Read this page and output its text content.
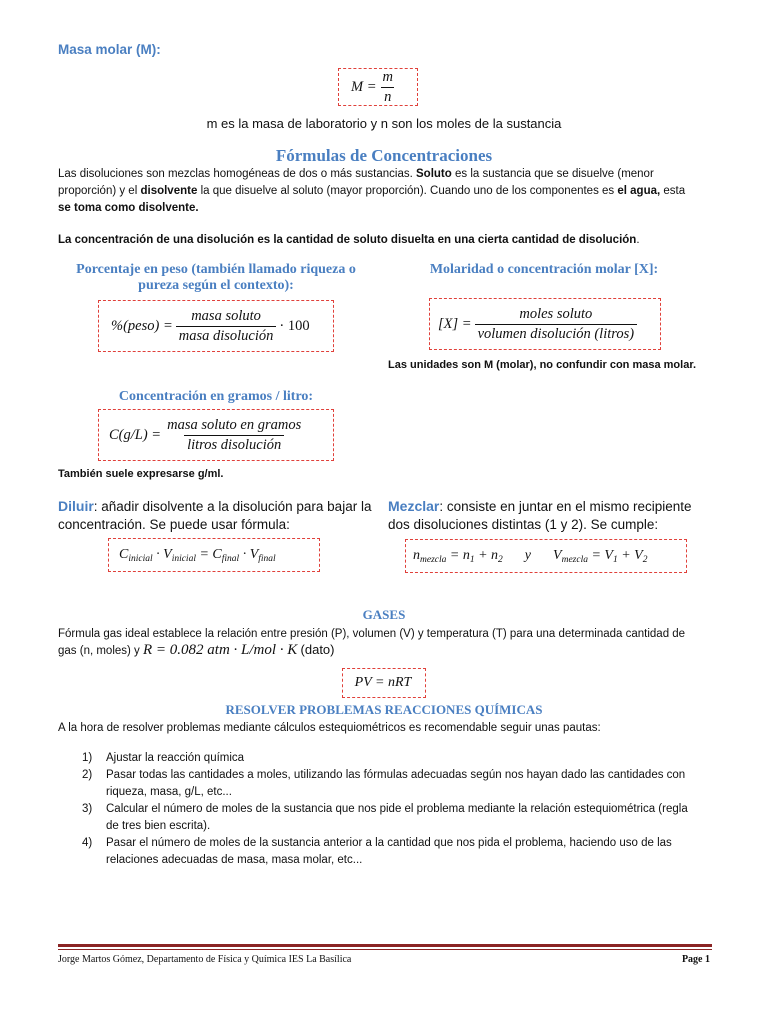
Masa molar (M):
$M = \frac{m}{n}$
m es la masa de laboratorio y n son los moles de la sustancia
Fórmulas de Concentraciones
Las disoluciones son mezclas homogéneas de dos o más sustancias. Soluto es la sustancia que se disuelve (menor
proporción) y el disolvente la que disuelve al soluto (mayor proporción). Cuando uno de los componentes es el agua, esta
se toma como disolvente.
La concentración de una disolución es la cantidad de soluto disuelta en una cierta cantidad de disolución.
Porcentaje en peso (también llamado riqueza o
pureza según el contexto):
%(peso) = $\frac{\text{masa soluto}}{\text{masa disolución}} \cdot 100$
Molaridad o concentración molar [X]:
$[X] = \frac{\text{moles soluto}}{\text{volumen disolución (litros)}}$
Las unidades son M (molar), no confundir con masa molar.
Concentración en gramos / litro:
$C(g/L) = \frac{\text{masa soluto en gramos}}{\text{litros disolución}}$
También suele expresarse g/ml.
Diluir: añadir disolvente a la disolución para bajar la
concentración. Se puede usar fórmula:
$C_{inicial} \cdot V_{inicial} = C_{final} \cdot V_{final}$
Mezclar: consiste en juntar en el mismo recipiente
dos disoluciones distintas (1 y 2). Se cumple:
$n_{mezcla} = n_1 + n_2$ y $V_{mezcla} = V_1 + V_2$
GASES
Fórmula gas ideal establece la relación entre presión (P), volumen (V) y temperatura (T) para una determinada cantidad de
gas (n, moles) y R = 0.082 atm · L/mol · K (dato)
PV = nRT
RESOLVER PROBLEMAS REACCIONES QUÍMICAS
A la hora de resolver problemas mediante cálculos estequiométricos es recomendable seguir unas pautas:
1) Ajustar la reacción química
2) Pasar todas las cantidades a moles, utilizando las fórmulas adecuadas según nos hayan dado las cantidades con
riqueza, masa, g/L, etc...
3) Calcular el número de moles de la sustancia que nos pide el problema mediante la relación estequiométrica (regla
de tres bien escrita).
4) Pasar el número de moles de la sustancia anterior a la cantidad que nos pida el problema, haciendo uso de las
relaciones adecuadas de masa, masa molar, etc...
Jorge Martos Gómez, Departamento de Física y Química IES La Basílica	Page 1
